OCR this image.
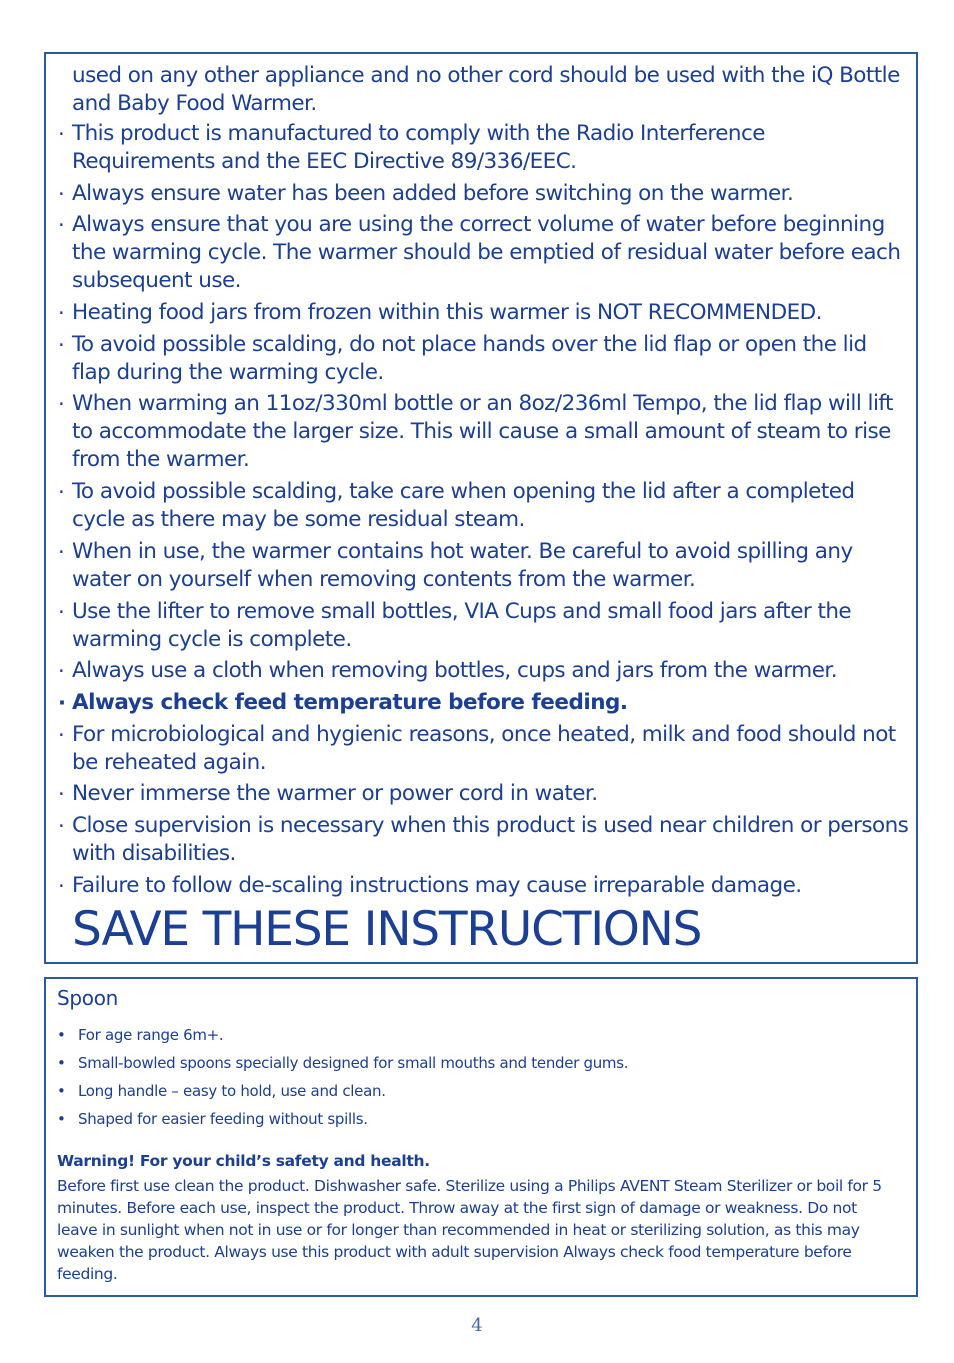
used on any other appliance and no other cord should be used with the iQ Bottle and Baby Food Warmer.

· This product is manufactured to comply with the Radio Interference Requirements and the EEC Directive 89/336/EEC.
· Always ensure water has been added before switching on the warmer.
· Always ensure that you are using the correct volume of water before beginning the warming cycle. The warmer should be emptied of residual water before each subsequent use.
· Heating food jars from frozen within this warmer is NOT RECOMMENDED.
· To avoid possible scalding, do not place hands over the lid flap or open the lid flap during the warming cycle.
· When warming an 11oz/330ml bottle or an 8oz/236ml Tempo, the lid flap will lift to accommodate the larger size. This will cause a small amount of steam to rise from the warmer.
· To avoid possible scalding, take care when opening the lid after a completed cycle as there may be some residual steam.
· When in use, the warmer contains hot water. Be careful to avoid spilling any water on yourself when removing contents from the warmer.
· Use the lifter to remove small bottles, VIA Cups and small food jars after the warming cycle is complete.
· Always use a cloth when removing bottles, cups and jars from the warmer.
· Always check feed temperature before feeding.
· For microbiological and hygienic reasons, once heated, milk and food should not be reheated again.
· Never immerse the warmer or power cord in water.
· Close supervision is necessary when this product is used near children or persons with disabilities.
· Failure to follow de-scaling instructions may cause irreparable damage.
SAVE THESE INSTRUCTIONS
Spoon
• For age range 6m+.
• Small-bowled spoons specially designed for small mouths and tender gums.
• Long handle – easy to hold, use and clean.
• Shaped for easier feeding without spills.

Warning! For your child’s safety and health.

Before first use clean the product. Dishwasher safe. Sterilize using a Philips AVENT Steam Sterilizer or boil for 5 minutes. Before each use, inspect the product. Throw away at the first sign of damage or weakness. Do not leave in sunlight when not in use or for longer than recommended in heat or sterilizing solution, as this may weaken the product. Always use this product with adult supervision Always check food temperature before feeding.

4
